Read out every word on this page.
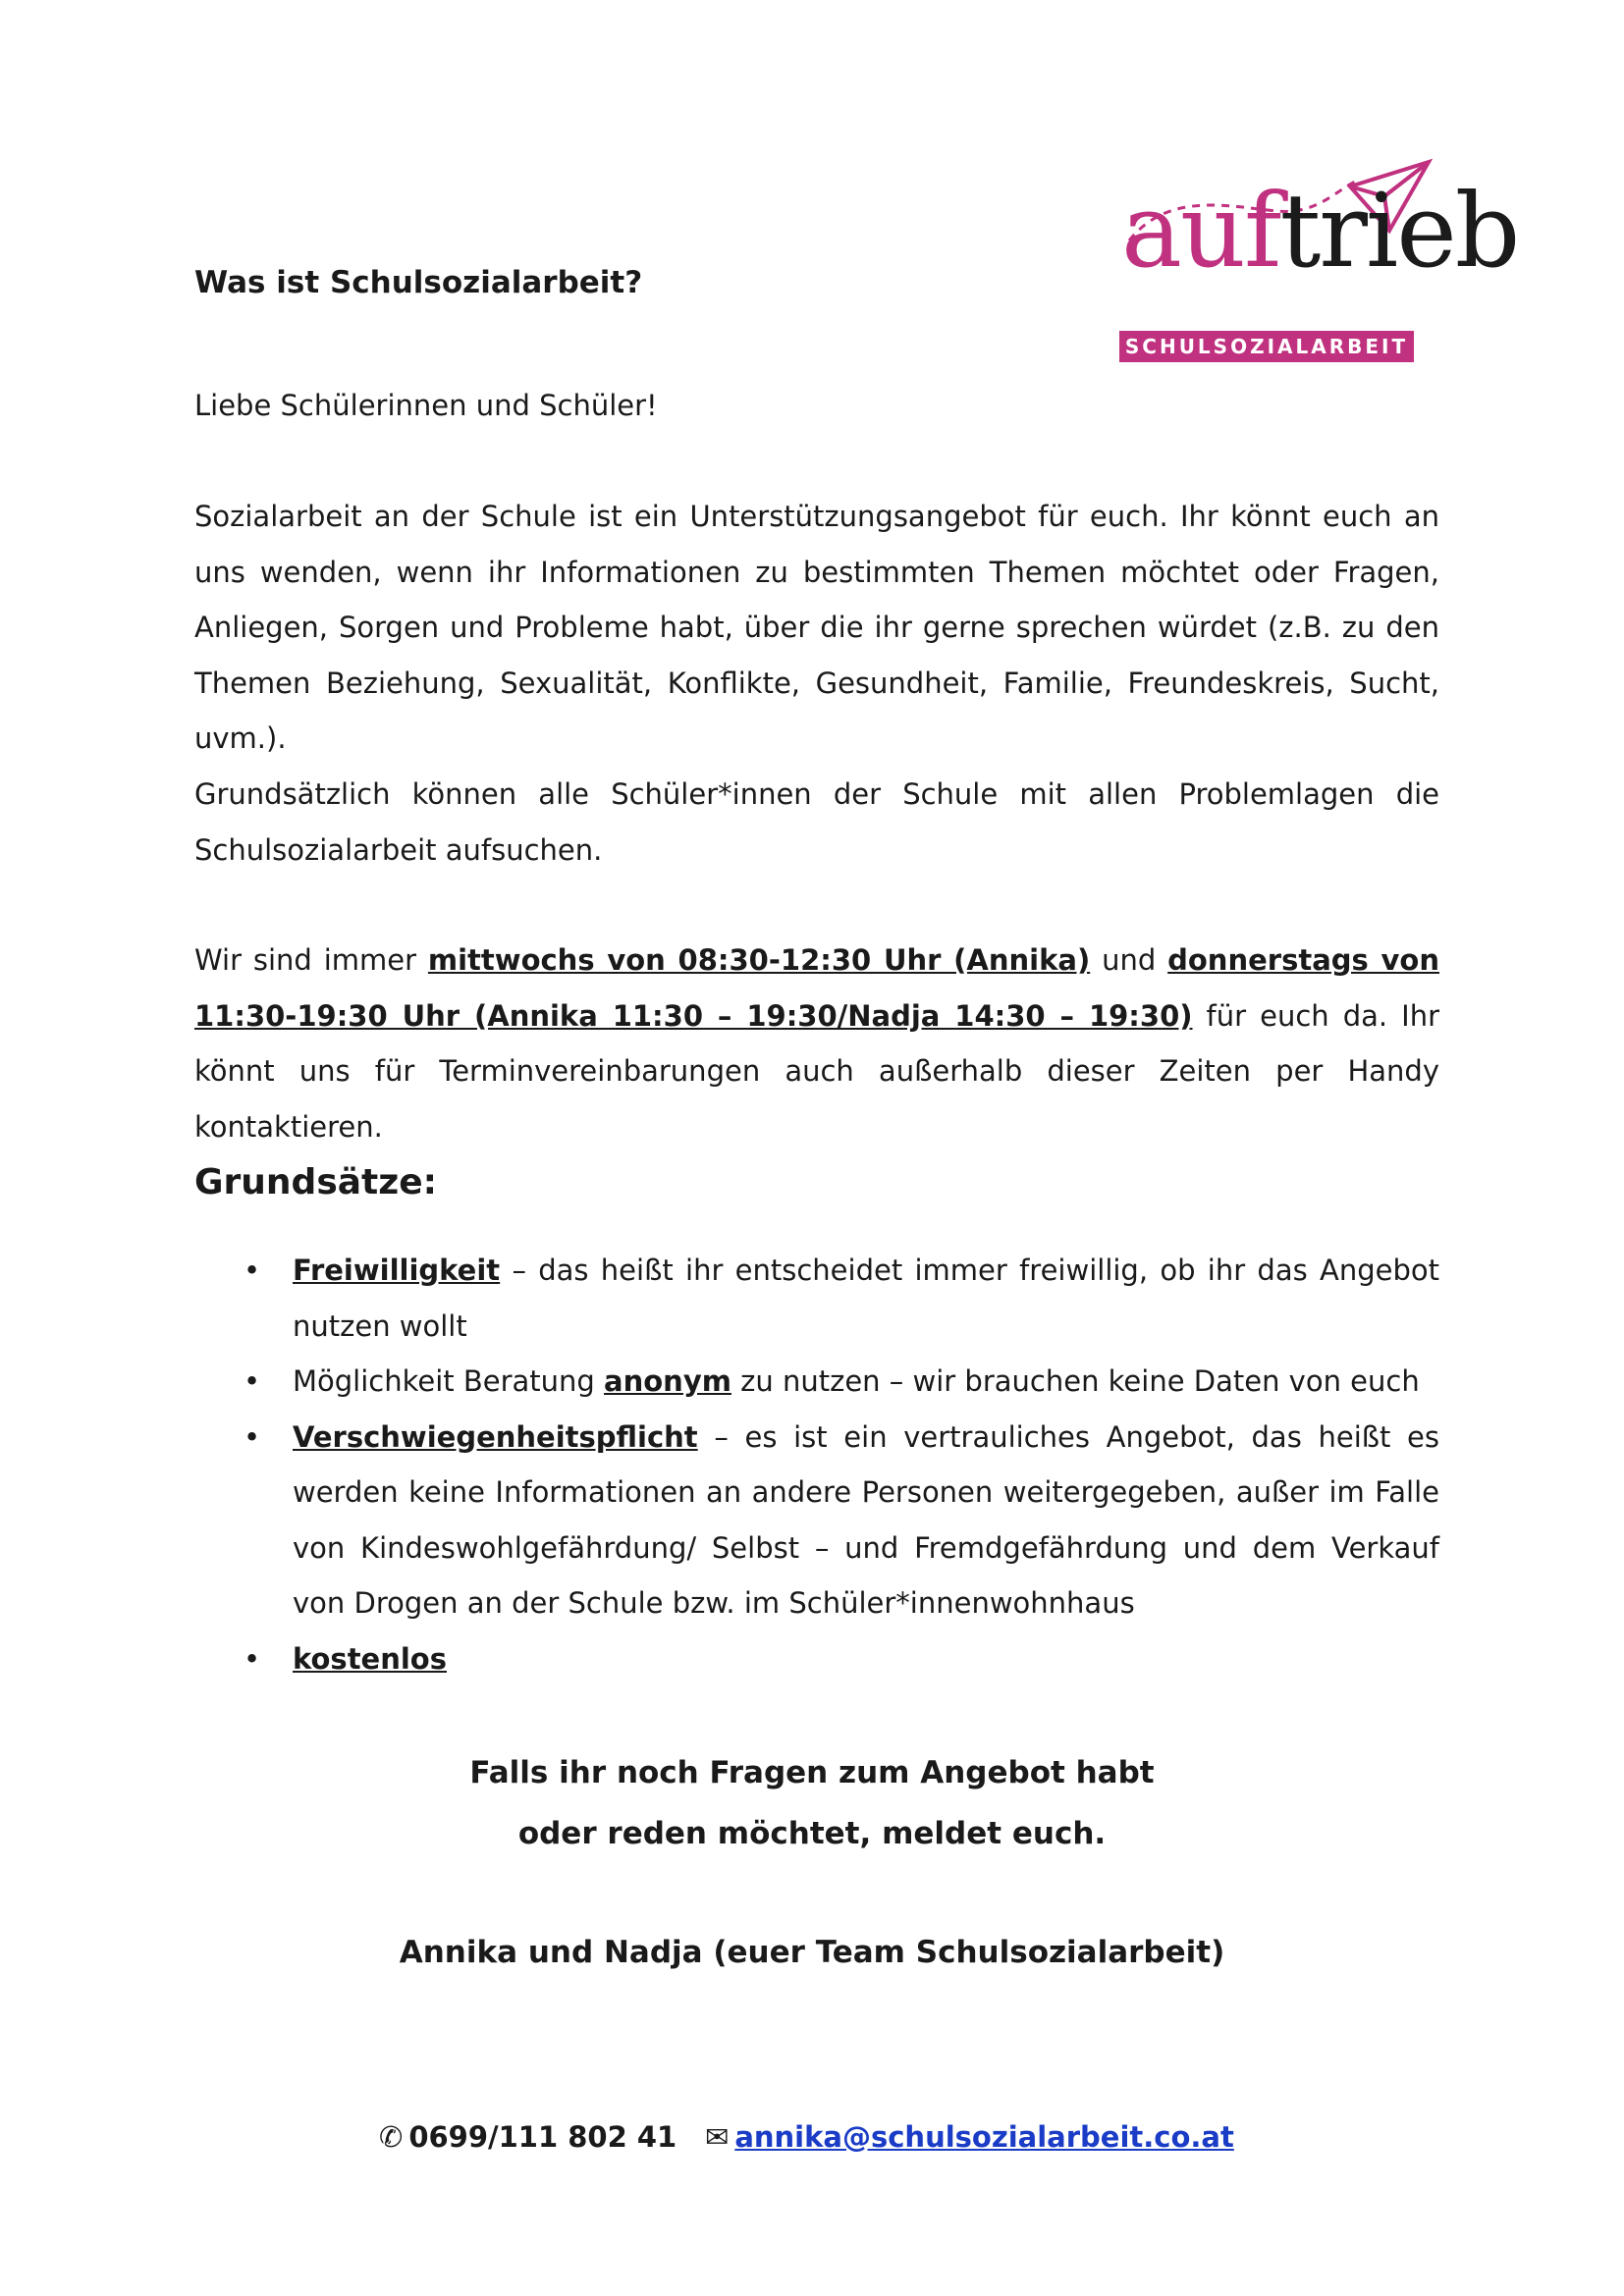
auftrieb
SCHULSOZIALARBEIT
Was ist Schulsozialarbeit?

Liebe Schülerinnen und Schüler!

Sozialarbeit an der Schule ist ein Unterstützungsangebot für euch. Ihr könnt euch an uns wenden, wenn ihr Informationen zu bestimmten Themen möchtet oder Fragen, Anliegen, Sorgen und Probleme habt, über die ihr gerne sprechen würdet (z.B. zu den Themen Beziehung, Sexualität, Konflikte, Gesundheit, Familie, Freundeskreis, Sucht, uvm.).

Grundsätzlich können alle Schüler*innen der Schule mit allen Problemlagen die Schulsozialarbeit aufsuchen.

Wir sind immer mittwochs von 08:30-12:30 Uhr (Annika) und donnerstags von 11:30-19:30 Uhr (Annika 11:30 – 19:30/Nadja 14:30 – 19:30) für euch da. Ihr könnt uns für Terminvereinbarungen auch außerhalb dieser Zeiten per Handy kontaktieren.

Grundsätze:
• Freiwilligkeit – das heißt ihr entscheidet immer freiwillig, ob ihr das Angebot nutzen wollt
• Möglichkeit Beratung anonym zu nutzen – wir brauchen keine Daten von euch
• Verschwiegenheitspflicht – es ist ein vertrauliches Angebot, das heißt es werden keine Informationen an andere Personen weitergegeben, außer im Falle von Kindeswohlgefährdung/ Selbst – und Fremdgefährdung und dem Verkauf von Drogen an der Schule bzw. im Schüler*innenwohnhaus
• kostenlos

Falls ihr noch Fragen zum Angebot habt

oder reden möchtet, meldet euch.

Annika und Nadja (euer Team Schulsozialarbeit)

✆ 0699/111 802 41 ✉ annika@schulsozialarbeit.co.at
